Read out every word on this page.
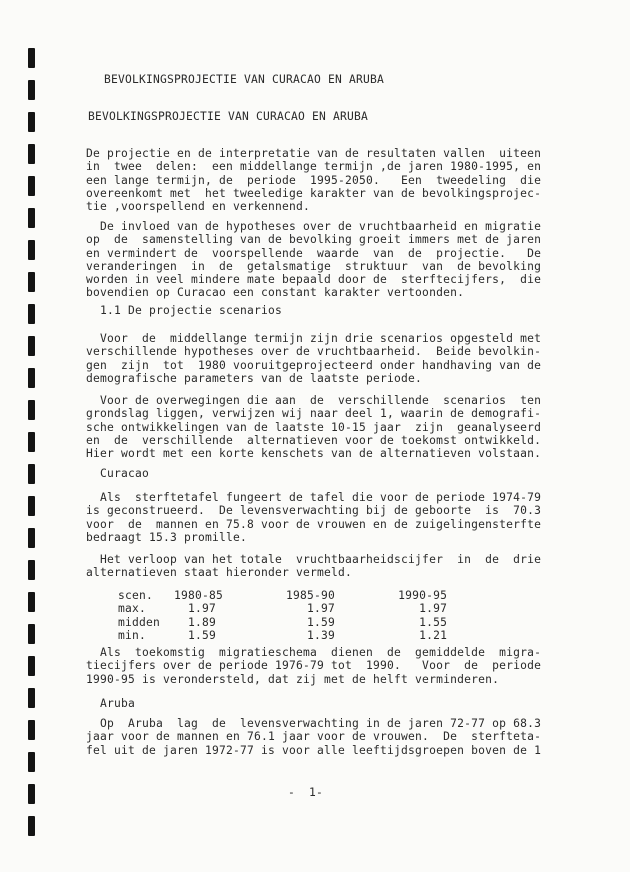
BEVOLKINGSPROJECTIE VAN CURACAO EN ARUBA
BEVOLKINGSPROJECTIE VAN CURACAO EN ARUBA
De projectie en de interpretatie van de resultaten vallen  uiteen
in  twee  delen:  een middellange termijn ,de jaren 1980-1995, en
een lange termijn, de  periode  1995-2050.   Een  tweedeling  die
overeenkomt met  het tweeledige karakter van de bevolkingsprojec-
tie ,voorspellend en verkennend.
De invloed van de hypotheses over de vruchtbaarheid en migratie
op  de  samenstelling van de bevolking groeit immers met de jaren
en vermindert de  voorspellende  waarde  van  de  projectie.   De
veranderingen  in  de  getalsmatige  struktuur  van  de bevolking
worden in veel mindere mate bepaald door de  sterftecijfers,  die
bovendien op Curacao een constant karakter vertoonden.
1.1 De projectie scenarios
Voor  de  middellange termijn zijn drie scenarios opgesteld met
verschillende hypotheses over de vruchtbaarheid.  Beide bevolkin-
gen  zijn  tot  1980 vooruitgeprojecteerd onder handhaving van de
demografische parameters van de laatste periode.
Voor de overwegingen die aan  de  verschillende  scenarios  ten
grondslag liggen, verwijzen wij naar deel 1, waarin de demografi-
sche ontwikkelingen van de laatste 10-15 jaar  zijn  geanalyseerd
en  de  verschillende  alternatieven voor de toekomst ontwikkeld.
Hier wordt met een korte kenschets van de alternatieven volstaan.
Curacao
Als  sterftetafel fungeert de tafel die voor de periode 1974-79
is geconstrueerd.  De levensverwachting bij de geboorte  is  70.3
voor  de  mannen en 75.8 voor de vrouwen en de zuigelingensterfte
bedraagt 15.3 promille.
Het verloop van het totale  vruchtbaarheidscijfer  in  de  drie
alternatieven staat hieronder vermeld.
scen.   1980-85         1985-90         1990-95
max.      1.97             1.97            1.97
midden    1.89             1.59            1.55
min.      1.59             1.39            1.21
Als  toekomstig  migratieschema  dienen  de  gemiddelde  migra-
tiecijfers over de periode 1976-79 tot  1990.   Voor  de  periode
1990-95 is verondersteld, dat zij met de helft verminderen.
Aruba
Op  Aruba  lag  de  levensverwachting in de jaren 72-77 op 68.3
jaar voor de mannen en 76.1 jaar voor de vrouwen.  De  sterfteta-
fel uit de jaren 1972-77 is voor alle leeftijdsgroepen boven de 1
-  1-
